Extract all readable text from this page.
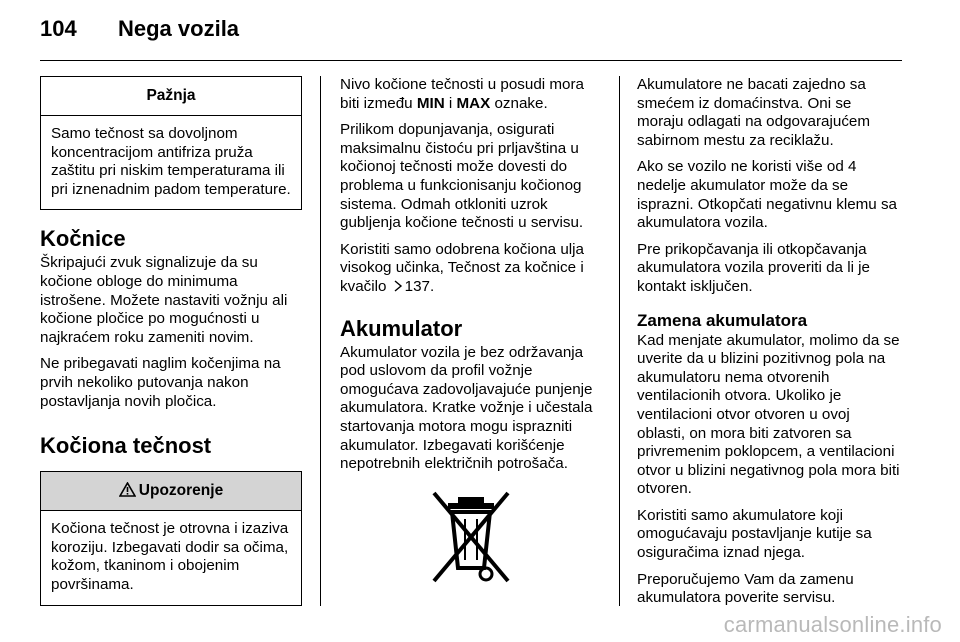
104	Nega vozila
Pažnja

Samo tečnost sa dovoljnom koncentracijom antifriza pruža zaštitu pri niskim temperaturama ili pri iznenadnim padom temperature.

Kočnice

Škripajući zvuk signalizuje da su kočione obloge do minimuma istrošene. Možete nastaviti vožnju ali kočione pločice po mogućnosti u najkraćem roku zameniti novim.

Ne pribegavati naglim kočenjima na prvih nekoliko putovanja nakon postavljanja novih pločica.

Kočiona tečnost
Upozorenje

Kočiona tečnost je otrovna i izaziva koroziju. Izbegavati dodir sa očima, kožom, tkaninom i obojenim površinama.

Nivo kočione tečnosti u posudi mora biti između MIN i MAX oznake.

Prilikom dopunjavanja, osigurati maksimalnu čistoću pri prljavština u kočionoj tečnosti može dovesti do problema u funkcionisanju kočionog sistema. Odmah otkloniti uzrok gubljenja kočione tečnosti u servisu.

Koristiti samo odobrena kočiona ulja visokog učinka, Tečnost za kočnice i kvačilo 137.

Akumulator

Akumulator vozila je bez održavanja pod uslovom da profil vožnje omogućava zadovoljavajuće punjenje akumulatora. Kratke vožnje i učestala startovanja motora mogu isprazniti akumulator. Izbegavati korišćenje nepotrebnih električnih potrošača.

Akumulatore ne bacati zajedno sa smećem iz domaćinstva. Oni se moraju odlagati na odgovarajućem sabirnom mestu za reciklažu.

Ako se vozilo ne koristi više od 4 nedelje akumulator može da se isprazni. Otkopčati negativnu klemu sa akumulatora vozila.

Pre prikopčavanja ili otkopčavanja akumulatora vozila proveriti da li je kontakt isključen.

Zamena akumulatora

Kad menjate akumulator, molimo da se uverite da u blizini pozitivnog pola na akumulatoru nema otvorenih ventilacionih otvora. Ukoliko je ventilacioni otvor otvoren u ovoj oblasti, on mora biti zatvoren sa privremenim poklopcem, a ventilacioni otvor u blizini negativnog pola mora biti otvoren.

Koristiti samo akumulatore koji omogućavaju postavljanje kutije sa osiguračima iznad njega.

Preporučujemo Vam da zamenu akumulatora poverite servisu.

carmanualsonline.info
